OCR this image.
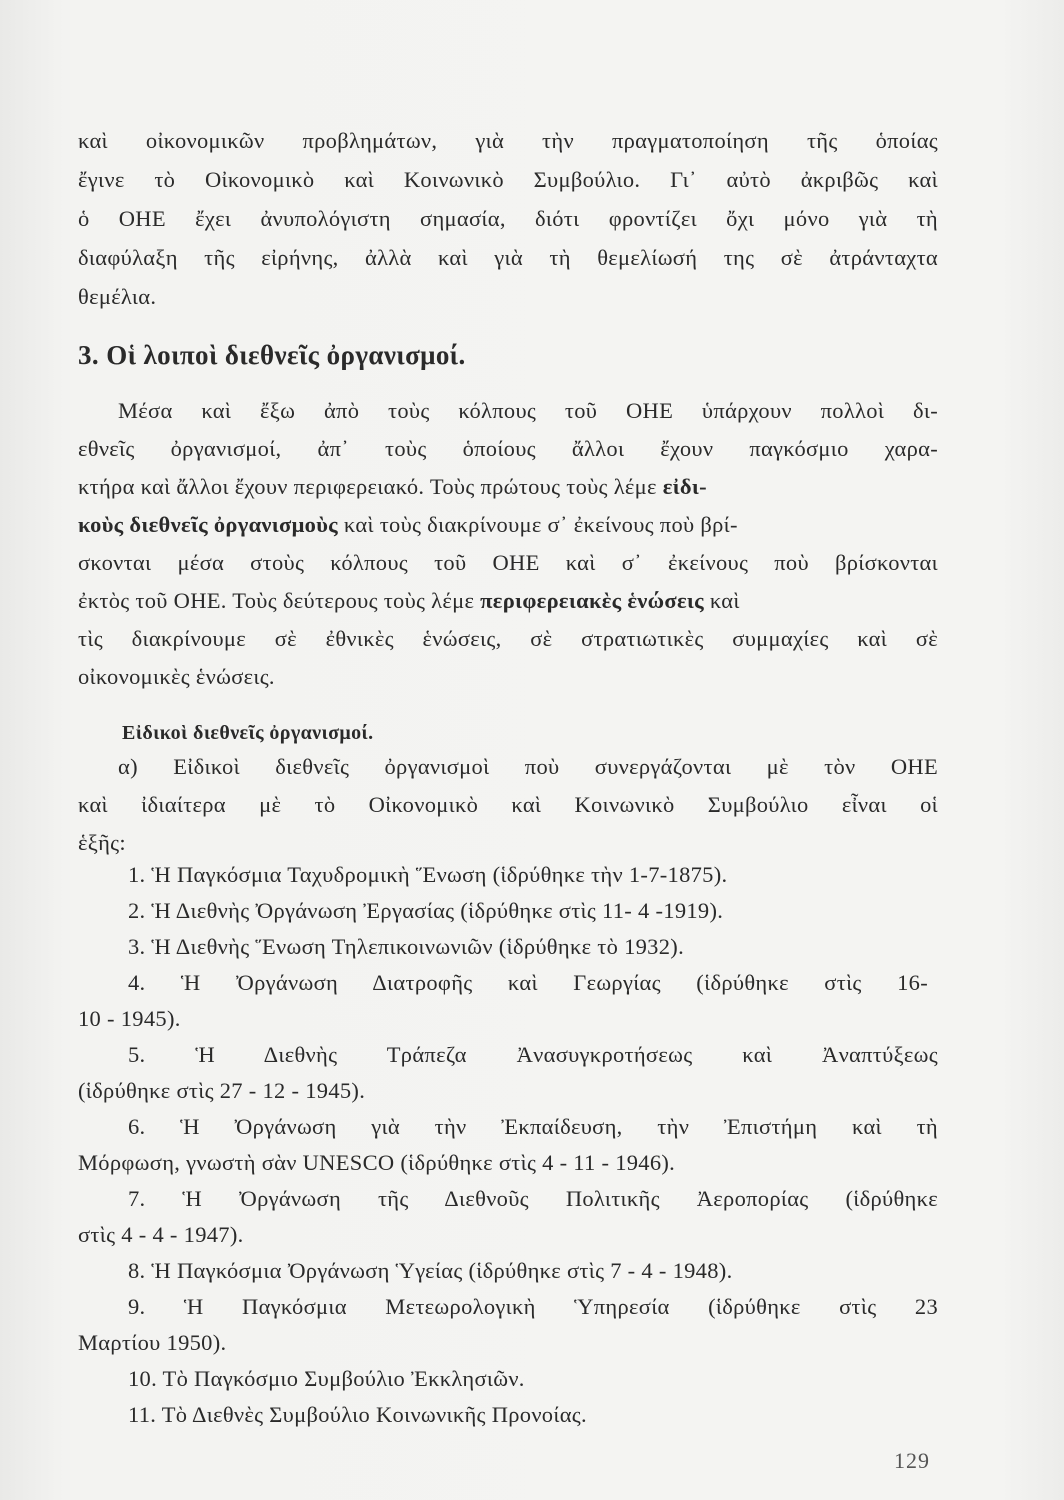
καὶ οἰκονομικῶν προβλημάτων, γιὰ τὴν πραγματοποίηση τῆς ὁποίας
ἔγινε τὸ Οἰκονομικὸ καὶ Κοινωνικὸ Συμβούλιο. Γι᾽ αὐτὸ ἀκριβῶς καὶ
ὁ ΟΗΕ ἔχει ἀνυπολόγιστη σημασία, διότι φροντίζει ὄχι μόνο γιὰ τὴ
διαφύλαξη τῆς εἰρήνης, ἀλλὰ καὶ γιὰ τὴ θεμελίωσή της σὲ ἀτράνταχτα
θεμέλια.
3. Οἱ λοιποὶ διεθνεῖς ὀργανισμοί.
Μέσα καὶ ἔξω ἀπὸ τοὺς κόλπους τοῦ ΟΗΕ ὑπάρχουν πολλοὶ δι-
εθνεῖς ὀργανισμοί, ἀπ᾽ τοὺς ὁποίους ἄλλοι ἔχουν παγκόσμιο χαρα-
κτήρα καὶ ἄλλοι ἔχουν περιφερειακό. Τοὺς πρώτους τοὺς λέμε εἰδι-
κοὺς διεθνεῖς ὀργανισμοὺς καὶ τοὺς διακρίνουμε σ᾽ ἐκείνους ποὺ βρί-
σκονται μέσα στοὺς κόλπους τοῦ ΟΗΕ καὶ σ᾽ ἐκείνους ποὺ βρίσκονται
ἐκτὸς τοῦ ΟΗΕ. Τοὺς δεύτερους τοὺς λέμε περιφερειακὲς ἑνώσεις καὶ
τὶς διακρίνουμε σὲ ἐθνικὲς ἑνώσεις, σὲ στρατιωτικὲς συμμαχίες καὶ σὲ
οἰκονομικὲς ἑνώσεις.
Εἰδικοὶ διεθνεῖς ὀργανισμοί.
α) Εἰδικοὶ διεθνεῖς ὀργανισμοὶ ποὺ συνεργάζονται μὲ τὸν ΟΗΕ
καὶ ἰδιαίτερα μὲ τὸ Οἰκονομικὸ καὶ Κοινωνικὸ Συμβούλιο εἶναι οἱ
ἑξῆς:
1. Ἡ Παγκόσμια Ταχυδρομικὴ Ἕνωση (ἱδρύθηκε τὴν 1-7-1875).
2. Ἡ Διεθνὴς Ὀργάνωση Ἐργασίας (ἱδρύθηκε στὶς 11- 4 -1919).
3. Ἡ Διεθνὴς Ἕνωση Τηλεπικοινωνιῶν (ἱδρύθηκε τὸ 1932).
4. Ἡ Ὀργάνωση Διατροφῆς καὶ Γεωργίας (ἱδρύθηκε στὶς 16-
10 - 1945).
5. Ἡ Διεθνὴς Τράπεζα Ἀνασυγκροτήσεως καὶ Ἀναπτύξεως
(ἱδρύθηκε στὶς 27 - 12 - 1945).
6. Ἡ Ὀργάνωση γιὰ τὴν Ἐκπαίδευση, τὴν Ἐπιστήμη καὶ τὴ
Μόρφωση, γνωστὴ σὰν UNESCO (ἱδρύθηκε στὶς 4 - 11 - 1946).
7. Ἡ Ὀργάνωση τῆς Διεθνοῦς Πολιτικῆς Ἀεροπορίας (ἱδρύθηκε
στὶς 4 - 4 - 1947).
8. Ἡ Παγκόσμια Ὀργάνωση Ὑγείας (ἱδρύθηκε στὶς 7 - 4 - 1948).
9. Ἡ Παγκόσμια Μετεωρολογικὴ Ὑπηρεσία (ἱδρύθηκε στὶς 23
Μαρτίου 1950).
10. Τὸ Παγκόσμιο Συμβούλιο Ἐκκλησιῶν.
11. Τὸ Διεθνὲς Συμβούλιο Κοινωνικῆς Προνοίας.
129
